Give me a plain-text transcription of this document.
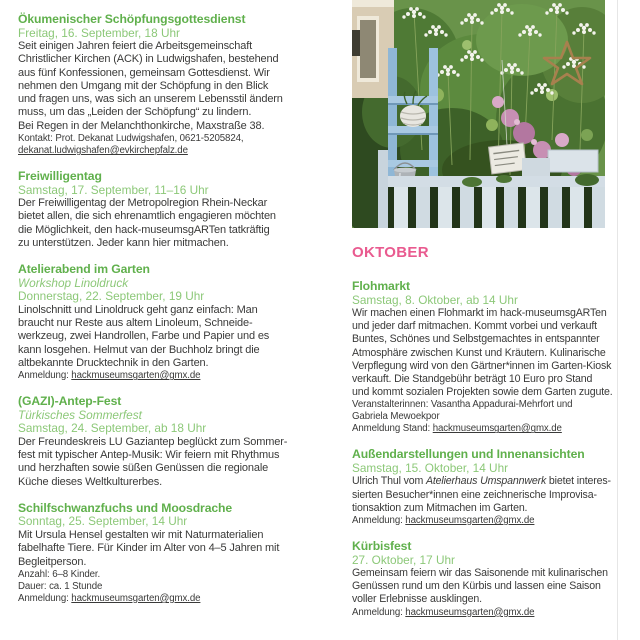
Ökumenischer Schöpfungsgottesdienst
Freitag, 16. September, 18 Uhr
Seit einigen Jahren feiert die Arbeitsgemeinschaft
Christlicher Kirchen (ACK) in Ludwigshafen, bestehend
aus fünf Konfessionen, gemeinsam Gottesdienst. Wir
nehmen den Umgang mit der Schöpfung in den Blick
und fragen uns, was sich an unserem Lebensstil ändern
muss, um das „Leiden der Schöpfung“ zu lindern.
Bei Regen in der Melanchthonkirche, Maxstraße 38.
Kontakt: Prot. Dekanat Ludwigshafen, 0621-5205824,
dekanat.ludwigshafen@evkirchepfalz.de
Freiwilligentag
Samstag, 17. September, 11–16 Uhr
Der Freiwilligentag der Metropolregion Rhein-Neckar
bietet allen, die sich ehrenamtlich engagieren möchten
die Möglichkeit, den hack-museumsgARTen tatkräftig
zu unterstützen. Jeder kann hier mitmachen.
Atelierabend im Garten
Workshop Linoldruck
Donnerstag, 22. September, 19 Uhr
Linolschnitt und Linoldruck geht ganz einfach: Man
braucht nur Reste aus altem Linoleum, Schneide-
werkzeug, zwei Handrollen, Farbe und Papier und es
kann losgehen. Helmut van der Buchholz bringt die
altbekannte Drucktechnik in den Garten.
Anmeldung: hackmuseumsgarten@gmx.de
(GAZI)-Antep-Fest
Türkisches Sommerfest
Samstag, 24. September, ab 18 Uhr
Der Freundeskreis LU Gaziantep beglückt zum Sommer-
fest mit typischer Antep-Musik: Wir feiern mit Rhythmus
und herzhaften sowie süßen Genüssen die regionale
Küche dieses Weltkulturerbes.
Schilfschwanzfuchs und Moosdrache
Sonntag, 25. September, 14 Uhr
Mit Ursula Hensel gestalten wir mit Naturmaterialien
fabelhafte Tiere. Für Kinder im Alter von 4–5 Jahren mit
Begleitperson.
Anzahl: 6–8 Kinder.
Dauer: ca. 1 Stunde
Anmeldung: hackmuseumsgarten@gmx.de
OKTOBER
Flohmarkt
Samstag, 8. Oktober, ab 14 Uhr
Wir machen einen Flohmarkt im hack-museumsgARTen
und jeder darf mitmachen. Kommt vorbei und verkauft
Buntes, Schönes und Selbstgemachtes in entspannter
Atmosphäre zwischen Kunst und Kräutern. Kulinarische
Verpflegung wird von den Gärtner*innen im Garten-Kiosk
verkauft. Die Standgebühr beträgt 10 Euro pro Stand
und kommt sozialen Projekten sowie dem Garten zugute.
Veranstalterinnen: Vasantha Appadurai-Mehrfort und
Gabriela Mewoekpor
Anmeldung Stand: hackmuseumsgarten@gmx.de
Außendarstellungen und Innenansichten
Samstag, 15. Oktober, 14 Uhr
Ulrich Thul vom Atelierhaus Umspannwerk bietet interes-
sierten Besucher*innen eine zeichnerische Improvisa-
tionsaktion zum Mitmachen im Garten.
Anmeldung: hackmuseumsgarten@gmx.de
Kürbisfest
27. Oktober, 17 Uhr
Gemeinsam feiern wir das Saisonende mit kulinarischen
Genüssen rund um den Kürbis und lassen eine Saison
voller Erlebnisse ausklingen.
Anmeldung: hackmuseumsgarten@gmx.de
